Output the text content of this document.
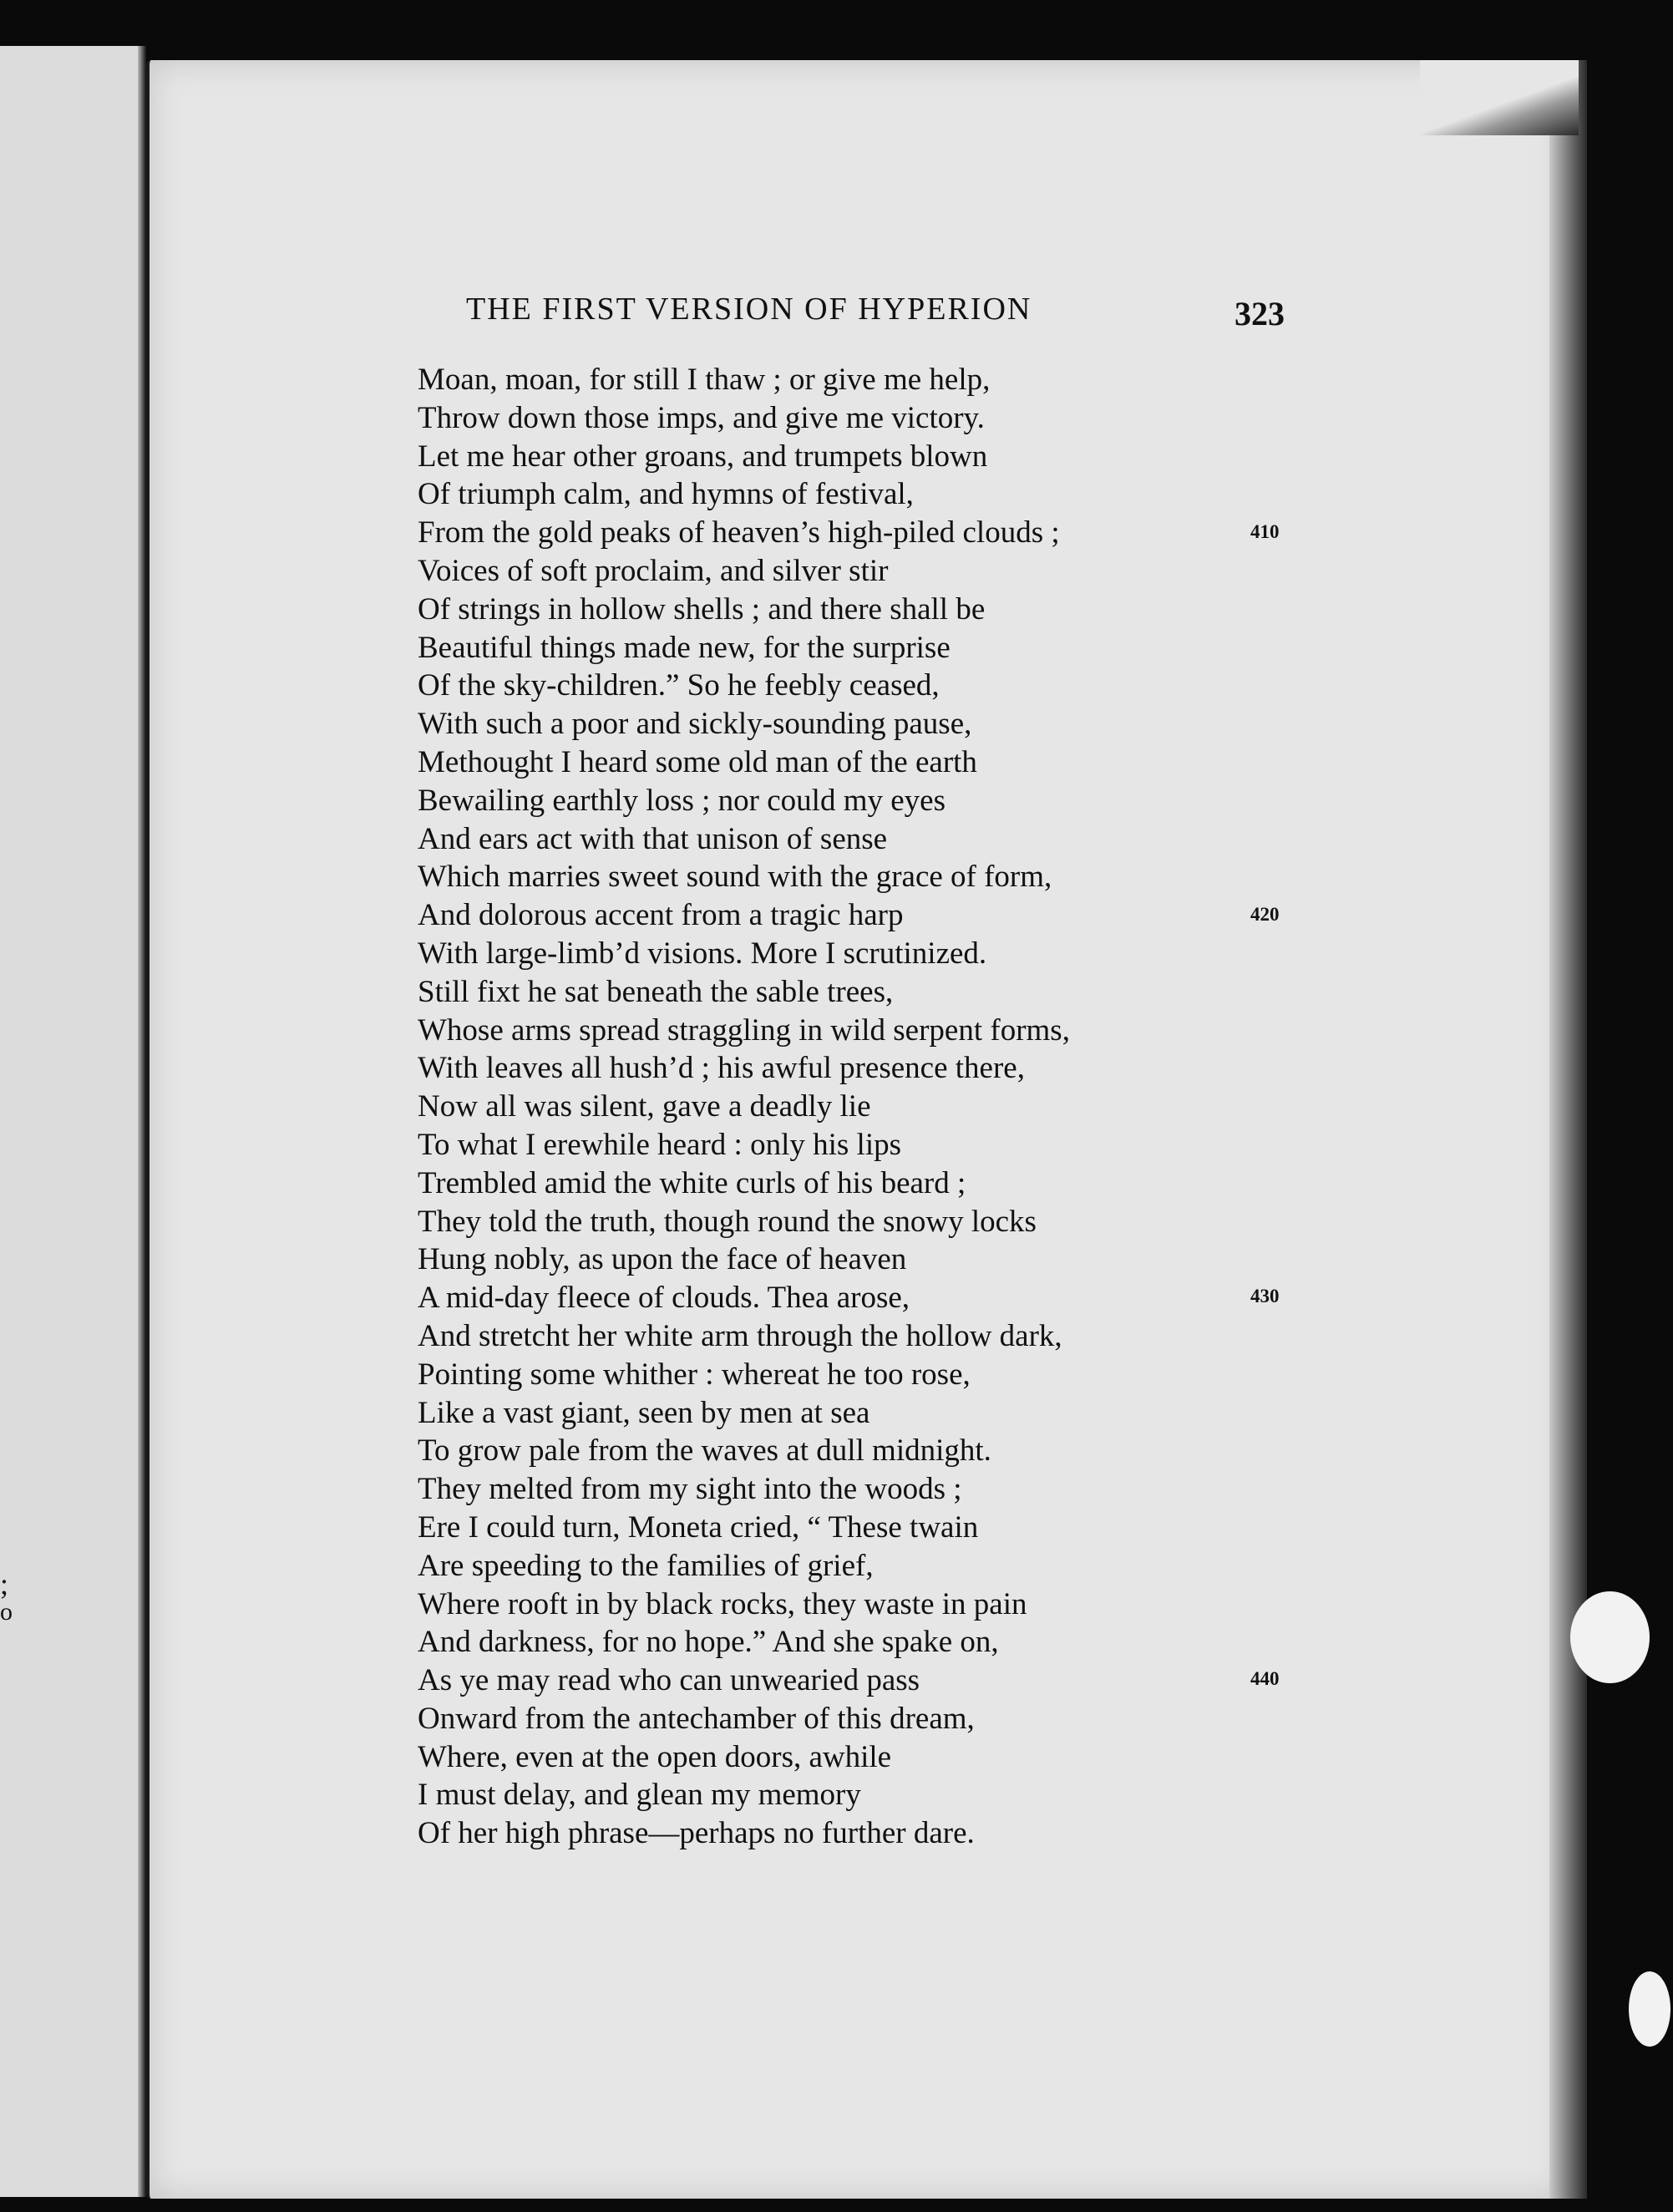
;
o
THE FIRST VERSION OF HYPERION	323
Moan, moan, for still I thaw ; or give me help,
Throw down those imps, and give me victory.
Let me hear other groans, and trumpets blown
Of triumph calm, and hymns of festival,
From the gold peaks of heaven’s high-piled clouds ;
Voices of soft proclaim, and silver stir
Of strings in hollow shells ; and there shall be
Beautiful things made new, for the surprise
Of the sky-children.” So he feebly ceased,
With such a poor and sickly-sounding pause,
Methought I heard some old man of the earth
Bewailing earthly loss ; nor could my eyes
And ears act with that unison of sense
Which marries sweet sound with the grace of form,
And dolorous accent from a tragic harp
With large-limb’d visions. More I scrutinized.
Still fixt he sat beneath the sable trees,
Whose arms spread straggling in wild serpent forms,
With leaves all hush’d ; his awful presence there,
Now all was silent, gave a deadly lie
To what I erewhile heard : only his lips
Trembled amid the white curls of his beard ;
They told the truth, though round the snowy locks
Hung nobly, as upon the face of heaven
A mid-day fleece of clouds. Thea arose,
And stretcht her white arm through the hollow dark,
Pointing some whither : whereat he too rose,
Like a vast giant, seen by men at sea
To grow pale from the waves at dull midnight.
They melted from my sight into the woods ;
Ere I could turn, Moneta cried, “ These twain
Are speeding to the families of grief,
Where rooft in by black rocks, they waste in pain
And darkness, for no hope.” And she spake on,
As ye may read who can unwearied pass
Onward from the antechamber of this dream,
Where, even at the open doors, awhile
I must delay, and glean my memory
Of her high phrase—perhaps no further dare.
410
420
430
440
